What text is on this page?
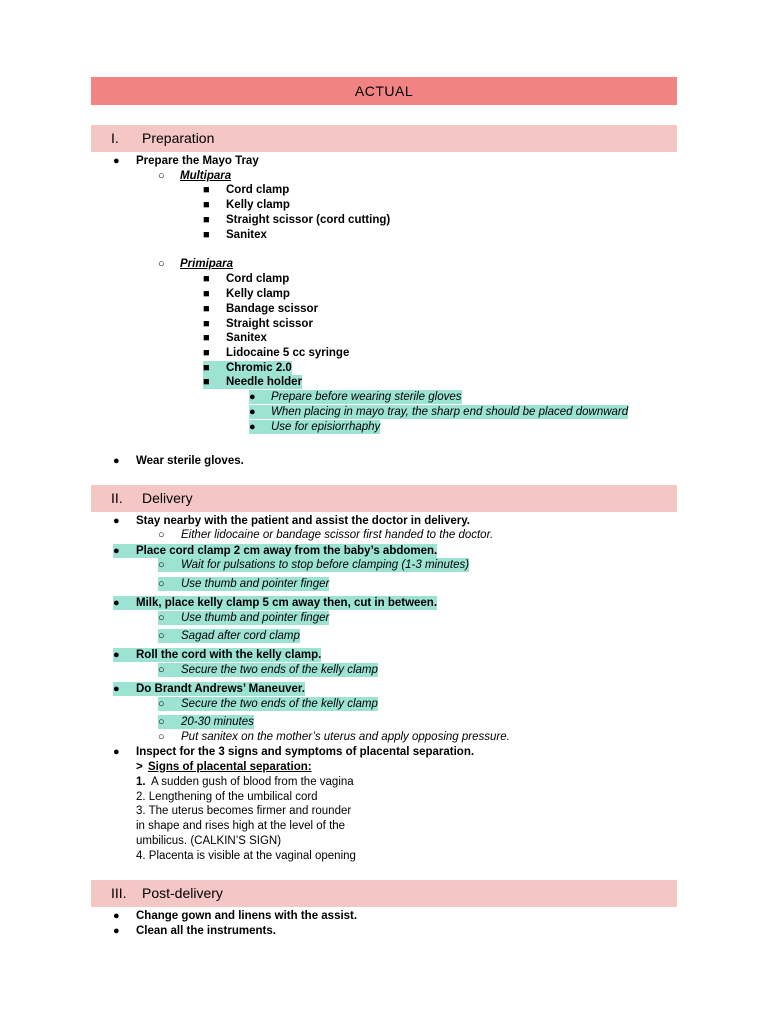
ACTUAL
I. Preparation
● Prepare the Mayo Tray
○ Multipara
■ Cord clamp
■ Kelly clamp
■ Straight scissor (cord cutting)
■ Sanitex
○ Primipara
■ Cord clamp
■ Kelly clamp
■ Bandage scissor
■ Straight scissor
■ Sanitex
■ Lidocaine 5 cc syringe
■	Chromic 2.0
■	Needle holder
●	Prepare before wearing sterile gloves
●	When placing in mayo tray, the sharp end should be placed downward
●	Use for episiorrhaphy
● Wear sterile gloves.
II. Delivery
● Stay nearby with the patient and assist the doctor in delivery.
○ Either lidocaine or bandage scissor first handed to the doctor.
●	Place cord clamp 2 cm away from the baby’s abdomen.
○	Wait for pulsations to stop before clamping (1-3 minutes)
○	Use thumb and pointer finger
●	Milk, place kelly clamp 5 cm away then, cut in between.
○	Use thumb and pointer finger
○	Sagad after cord clamp
●	Roll the cord with the kelly clamp.
○	Secure the two ends of the kelly clamp
●	Do Brandt Andrews’ Maneuver.
○	Secure the two ends of the kelly clamp
○	20-30 minutes
○ Put sanitex on the mother’s uterus and apply opposing pressure.
● Inspect for the 3 signs and symptoms of placental separation.
> Signs of placental separation:
1. A sudden gush of blood from the vagina
2. Lengthening of the umbilical cord
3. The uterus becomes firmer and rounder
in shape and rises high at the level of the
umbilicus. (CALKIN’S SIGN)
4. Placenta is visible at the vaginal opening
III. Post-delivery
● Change gown and linens with the assist.
● Clean all the instruments.
